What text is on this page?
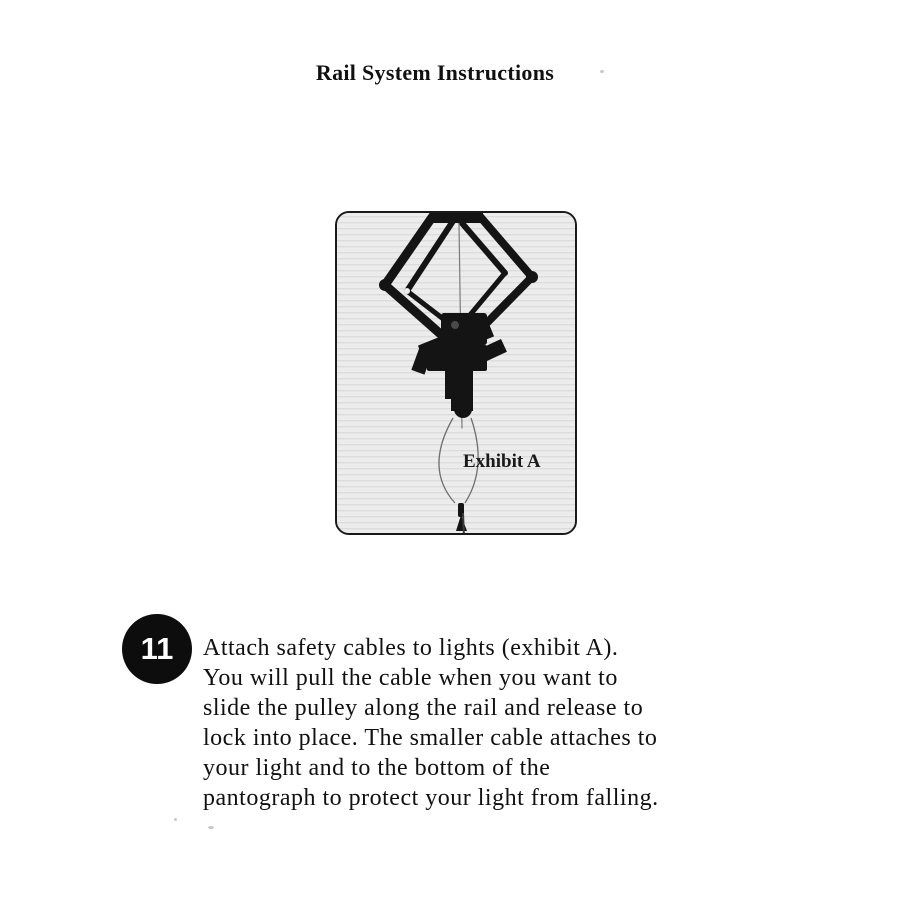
Rail System Instructions
Exhibit A
11	Attach safety cables to lights (exhibit A).
You will pull the cable when you want to
slide the pulley along the rail and release to
lock into place. The smaller cable attaches to
your light and to the bottom of the
pantograph to protect your light from falling.
